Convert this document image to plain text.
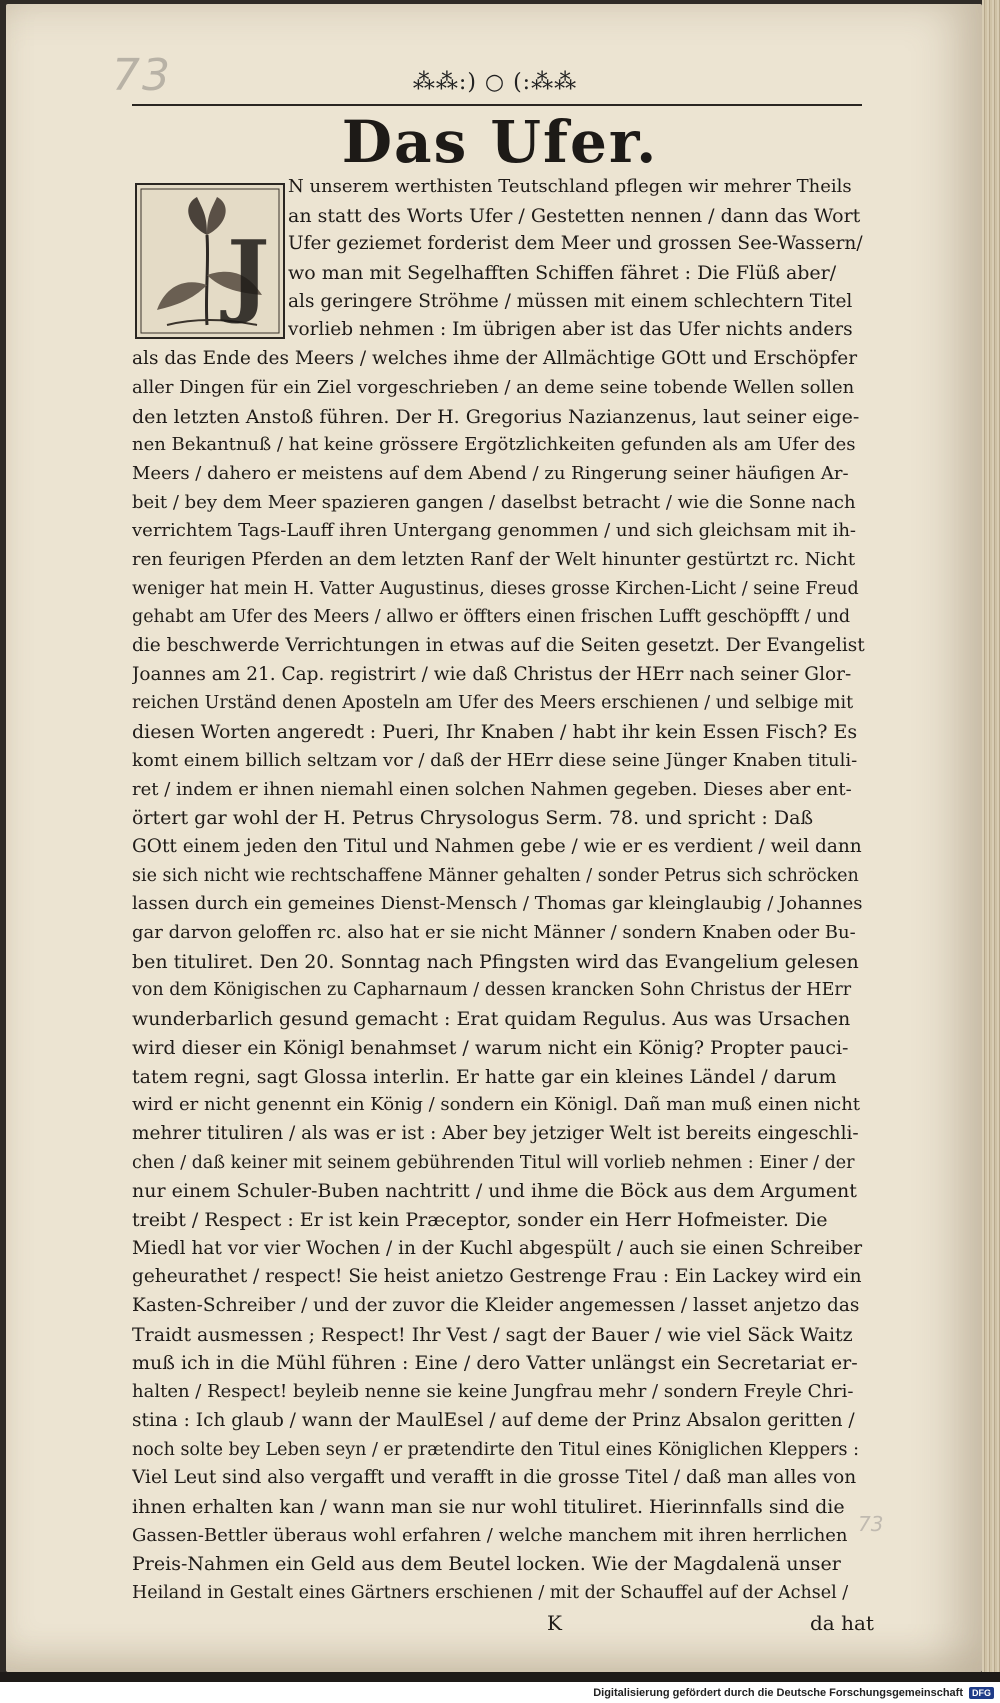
73	⁂⁂:) ○ (:⁂⁂
Das Ufer.
J
N unserem werthisten Teutschland pflegen wir mehrer Theils
an statt des Worts Ufer / Gestetten nennen / dann das Wort
Ufer geziemet forderist dem Meer und grossen See-Wassern/
wo man mit Segelhafften Schiffen fähret : Die Flüß aber/
als geringere Ströhme / müssen mit einem schlechtern Titel
vorlieb nehmen : Im übrigen aber ist das Ufer nichts anders
als das Ende des Meers / welches ihme der Allmächtige GOtt und Erschöpfer
aller Dingen für ein Ziel vorgeschrieben / an deme seine tobende Wellen sollen
den letzten Anstoß führen. Der H. Gregorius Nazianzenus, laut seiner eige-
nen Bekantnuß / hat keine grössere Ergötzlichkeiten gefunden als am Ufer des
Meers / dahero er meistens auf dem Abend / zu Ringerung seiner häufigen Ar-
beit / bey dem Meer spazieren gangen / daselbst betracht / wie die Sonne nach
verrichtem Tags-Lauff ihren Untergang genommen / und sich gleichsam mit ih-
ren feurigen Pferden an dem letzten Ranf der Welt hinunter gestürtzt rc. Nicht
weniger hat mein H. Vatter Augustinus, dieses grosse Kirchen-Licht / seine Freud
gehabt am Ufer des Meers / allwo er öffters einen frischen Lufft geschöpfft / und
die beschwerde Verrichtungen in etwas auf die Seiten gesetzt. Der Evangelist
Joannes am 21. Cap. registrirt / wie daß Christus der HErr nach seiner Glor-
reichen Urständ denen Aposteln am Ufer des Meers erschienen / und selbige mit
diesen Worten angeredt : Pueri, Ihr Knaben / habt ihr kein Essen Fisch? Es
komt einem billich seltzam vor / daß der HErr diese seine Jünger Knaben tituli-
ret / indem er ihnen niemahl einen solchen Nahmen gegeben. Dieses aber ent-
örtert gar wohl der H. Petrus Chrysologus Serm. 78. und spricht : Daß
GOtt einem jeden den Titul und Nahmen gebe / wie er es verdient / weil dann
sie sich nicht wie rechtschaffene Männer gehalten / sonder Petrus sich schröcken
lassen durch ein gemeines Dienst-Mensch / Thomas gar kleinglaubig / Johannes
gar darvon geloffen rc. also hat er sie nicht Männer / sondern Knaben oder Bu-
ben tituliret. Den 20. Sonntag nach Pfingsten wird das Evangelium gelesen
von dem Königischen zu Capharnaum / dessen krancken Sohn Christus der HErr
wunderbarlich gesund gemacht : Erat quidam Regulus. Aus was Ursachen
wird dieser ein Königl benahmset / warum nicht ein König? Propter pauci-
tatem regni, sagt Glossa interlin. Er hatte gar ein kleines Ländel / darum
wird er nicht genennt ein König / sondern ein Königl. Dañ man muß einen nicht
mehrer tituliren / als was er ist : Aber bey jetziger Welt ist bereits eingeschli-
chen / daß keiner mit seinem gebührenden Titul will vorlieb nehmen : Einer / der
nur einem Schuler-Buben nachtritt / und ihme die Böck aus dem Argument
treibt / Respect : Er ist kein Præceptor, sonder ein Herr Hofmeister. Die
Miedl hat vor vier Wochen / in der Kuchl abgespült / auch sie einen Schreiber
geheurathet / respect! Sie heist anietzo Gestrenge Frau : Ein Lackey wird ein
Kasten-Schreiber / und der zuvor die Kleider angemessen / lasset anjetzo das
Traidt ausmessen ; Respect! Ihr Vest / sagt der Bauer / wie viel Säck Waitz
muß ich in die Mühl führen : Eine / dero Vatter unlängst ein Secretariat er-
halten / Respect! beyleib nenne sie keine Jungfrau mehr / sondern Freyle Chri-
stina : Ich glaub / wann der MaulEsel / auf deme der Prinz Absalon geritten /
noch solte bey Leben seyn / er prætendirte den Titul eines Königlichen Kleppers :
Viel Leut sind also vergafft und verafft in die grosse Titel / daß man alles von
ihnen erhalten kan / wann man sie nur wohl tituliret. Hierinnfalls sind die
Gassen-Bettler überaus wohl erfahren / welche manchem mit ihren herrlichen
Preis-Nahmen ein Geld aus dem Beutel locken. Wie der Magdalenä unser
Heiland in Gestalt eines Gärtners erschienen / mit der Schauffel auf der Achsel /
K	da hat
73
Digitalisierung gefördert durch die Deutsche Forschungsgemeinschaft	DFG
